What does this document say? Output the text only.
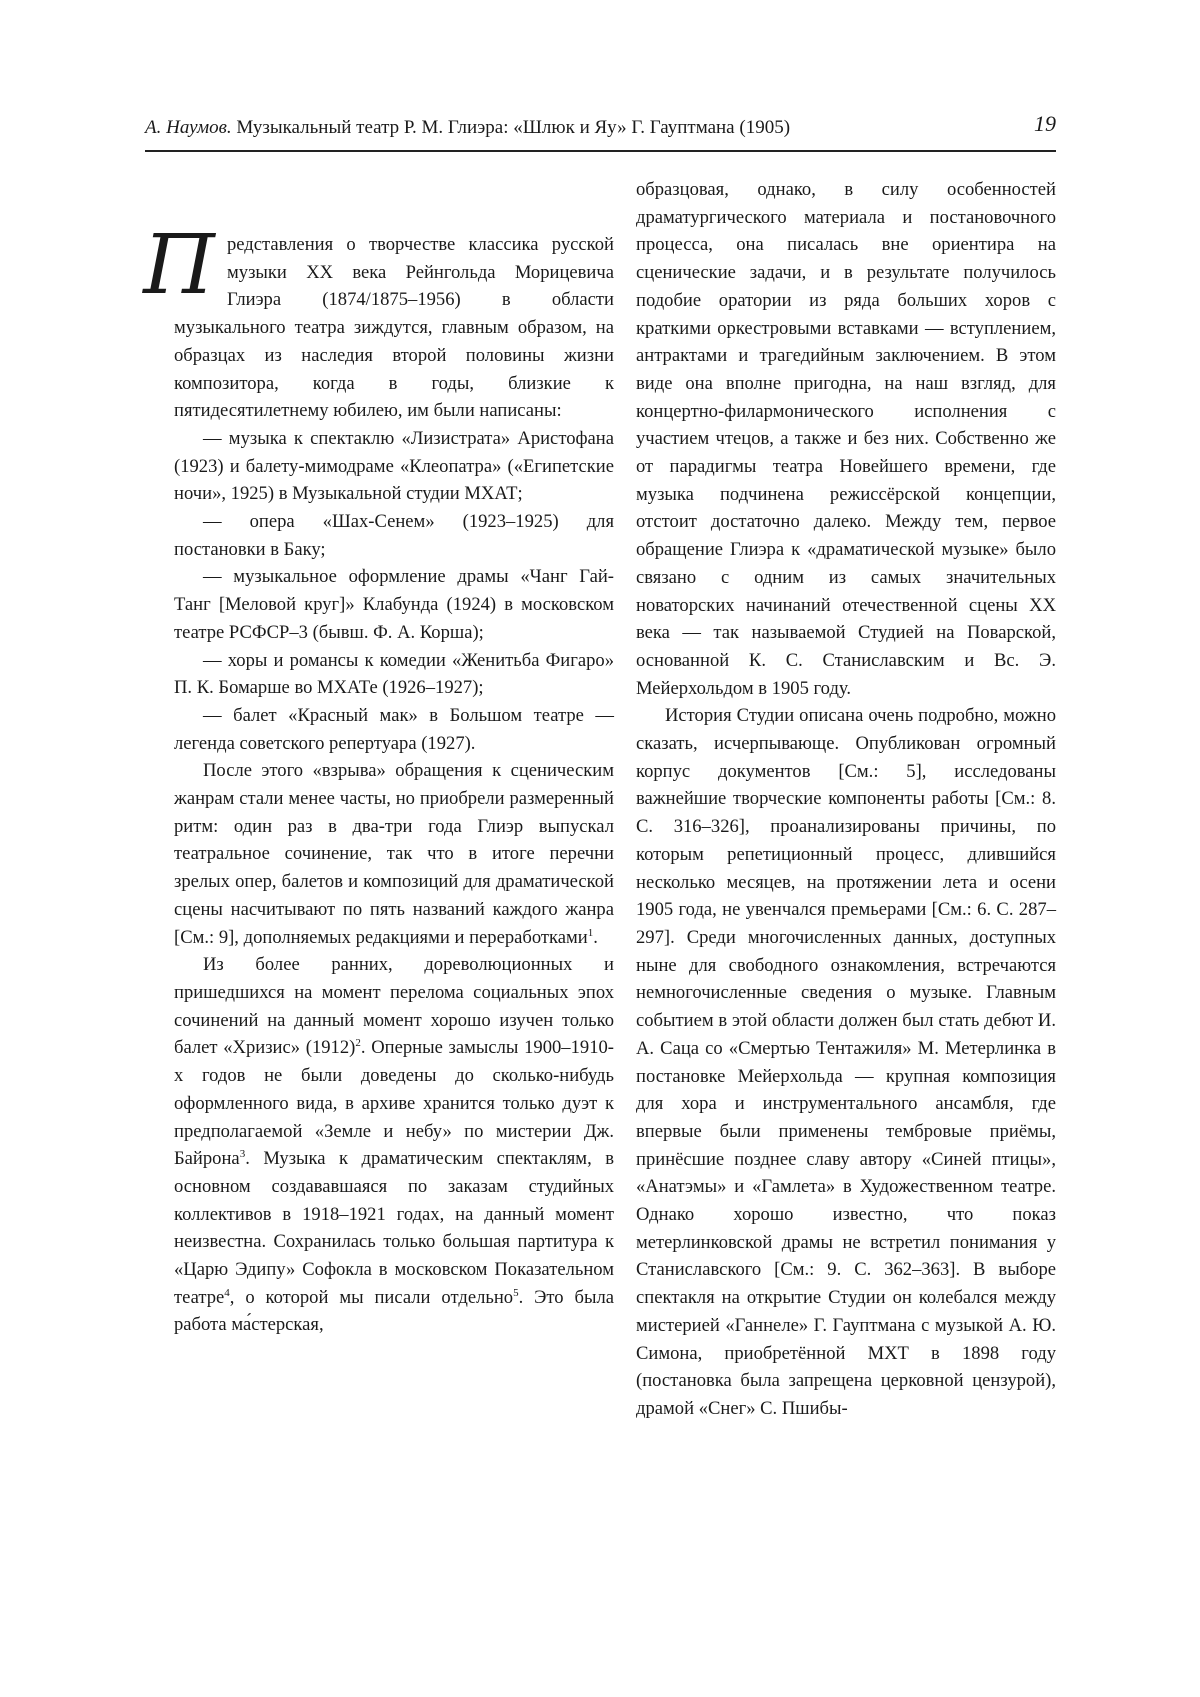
А. Наумов. Музыкальный театр Р. М. Глиэра: «Шлюк и Яу» Г. Гауптмана (1905)	19

Представления о творчестве классика русской музыки XX века Рейнгольда Морицевича Глиэра (1874/1875–1956) в области музыкального театра зиждутся, главным образом, на образцах из наследия второй половины жизни композитора, когда в годы, близкие к пятидесятилетнему юбилею, им были написаны:

— музыка к спектаклю «Лизистрата» Аристофана (1923) и балету-мимодраме «Клеопатра» («Египетские ночи», 1925) в Музыкальной студии МХАТ;

— опера «Шах-Сенем» (1923–1925) для постановки в Баку;

— музыкальное оформление драмы «Чанг Гай-Танг [Меловой круг]» Клабунда (1924) в московском театре РСФСР–3 (бывш. Ф. А. Корша);

— хоры и романсы к комедии «Женитьба Фигаро» П. К. Бомарше во МХАТе (1926–1927);

— балет «Красный мак» в Большом театре — легенда советского репертуара (1927).

После этого «взрыва» обращения к сценическим жанрам стали менее часты, но приобрели размеренный ритм: один раз в два-три года Глиэр выпускал театральное сочинение, так что в итоге перечни зрелых опер, балетов и композиций для драматической сцены насчитывают по пять названий каждого жанра [См.: 9], дополняемых редакциями и переработками$^1$.

Из более ранних, дореволюционных и пришедшихся на момент перелома социальных эпох сочинений на данный момент хорошо изучен только балет «Хризис» $(1912)^2$. Оперные замыслы 1900–1910-х годов не были доведены до сколько-нибудь оформленного вида, в архиве хранится только дуэт к предполагаемой «Земле и небу» по мистерии Дж. Байрона$^3$. Музыка к драматическим спектаклям, в основном создававшаяся по заказам студийных коллективов в 1918–1921 годах, на данный момент неизвестна. Сохранилась только большая партитура к «Царю Эдипу» Софокла в московском Показательном театре$^4$, о которой мы писали отдельно$^5$. Это была работа ма́стерская,

образцовая, однако, в силу особенностей драматургического материала и постановочного процесса, она писалась вне ориентира на сценические задачи, и в результате получилось подобие оратории из ряда больших хоров с краткими оркестровыми вставками — вступлением, антрактами и трагедийным заключением. В этом виде она вполне пригодна, на наш взгляд, для концертно-филармонического исполнения с участием чтецов, а также и без них. Собственно же от парадигмы театра Новейшего времени, где музыка подчинена режиссёрской концепции, отстоит достаточно далеко. Между тем, первое обращение Глиэра к «драматической музыке» было связано с одним из самых значительных новаторских начинаний отечественной сцены XX века — так называемой Студией на Поварской, основанной К. С. Станиславским и Вс. Э. Мейерхольдом в 1905 году.

История Студии описана очень подробно, можно сказать, исчерпывающе. Опубликован огромный корпус документов [См.: 5], исследованы важнейшие творческие компоненты работы [См.: 8. С. 316–326], проанализированы причины, по которым репетиционный процесс, длившийся несколько месяцев, на протяжении лета и осени 1905 года, не увенчался премьерами [См.: 6. С. 287–297]. Среди многочисленных данных, доступных ныне для свободного ознакомления, встречаются немногочисленные сведения о музыке. Главным событием в этой области должен был стать дебют И. А. Саца со «Смертью Тентажиля» М. Метерлинка в постановке Мейерхольда — крупная композиция для хора и инструментального ансамбля, где впервые были применены тембровые приёмы, принёсшие позднее славу автору «Синей птицы», «Анатэмы» и «Гамлета» в Художественном театре. Однако хорошо известно, что показ метерлинковской драмы не встретил понимания у Станиславского [См.: 9. С. 362–363]. В выборе спектакля на открытие Студии он колебался между мистерией «Ганнеле» Г. Гауптмана с музыкой А. Ю. Симона, приобретённой МХТ в 1898 году (постановка была запрещена церковной цензурой), драмой «Снег» С. Пшибы-
